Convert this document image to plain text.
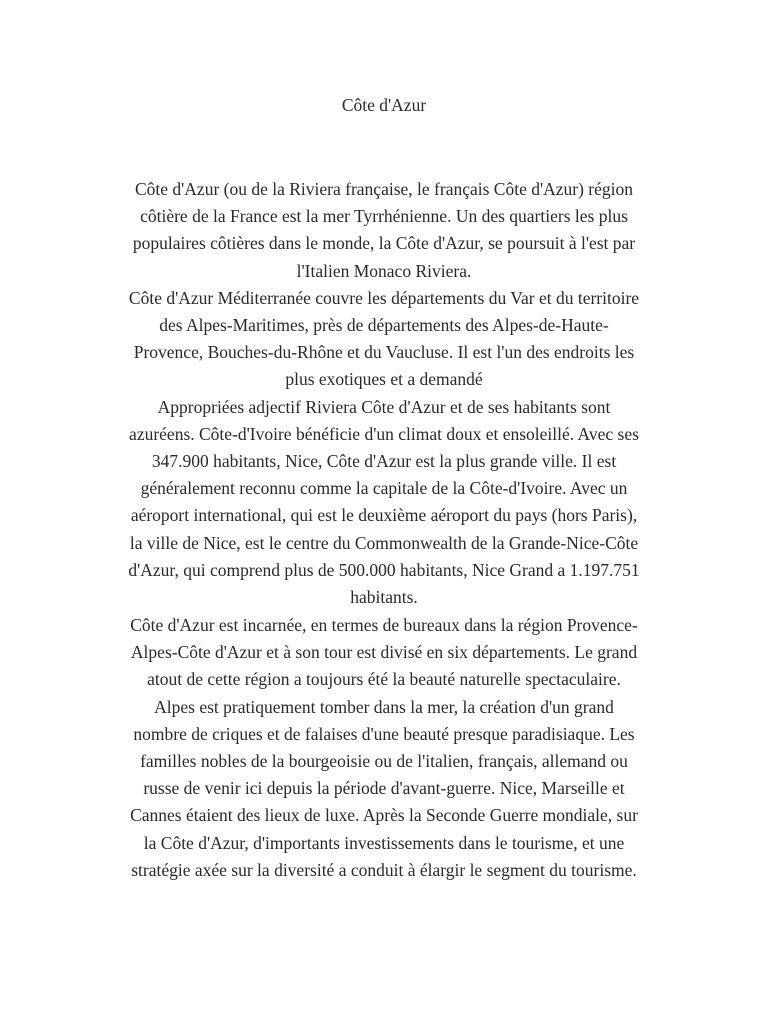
Côte d'Azur
Côte d'Azur (ou de la Riviera française, le français Côte d'Azur) région
côtière de la France est la mer Tyrrhénienne. Un des quartiers les plus
populaires côtières dans le monde, la Côte d'Azur, se poursuit à l'est par
l'Italien Monaco Riviera.
Côte d'Azur Méditerranée couvre les départements du Var et du territoire
des Alpes-Maritimes, près de départements des Alpes-de-Haute-
Provence, Bouches-du-Rhône et du Vaucluse. Il est l'un des endroits les
plus exotiques et a demandé
Appropriées adjectif Riviera Côte d'Azur et de ses habitants sont
azuréens. Côte-d'Ivoire bénéficie d'un climat doux et ensoleillé. Avec ses
347.900 habitants, Nice, Côte d'Azur est la plus grande ville. Il est
généralement reconnu comme la capitale de la Côte-d'Ivoire. Avec un
aéroport international, qui est le deuxième aéroport du pays (hors Paris),
la ville de Nice, est le centre du Commonwealth de la Grande-Nice-Côte
d'Azur, qui comprend plus de 500.000 habitants, Nice Grand a 1.197.751
habitants.
Côte d'Azur est incarnée, en termes de bureaux dans la région Provence-
Alpes-Côte d'Azur et à son tour est divisé en six départements. Le grand
atout de cette région a toujours été la beauté naturelle spectaculaire.
Alpes est pratiquement tomber dans la mer, la création d'un grand
nombre de criques et de falaises d'une beauté presque paradisiaque. Les
familles nobles de la bourgeoisie ou de l'italien, français, allemand ou
russe de venir ici depuis la période d'avant-guerre. Nice, Marseille et
Cannes étaient des lieux de luxe. Après la Seconde Guerre mondiale, sur
la Côte d'Azur, d'importants investissements dans le tourisme, et une
stratégie axée sur la diversité a conduit à élargir le segment du tourisme.
